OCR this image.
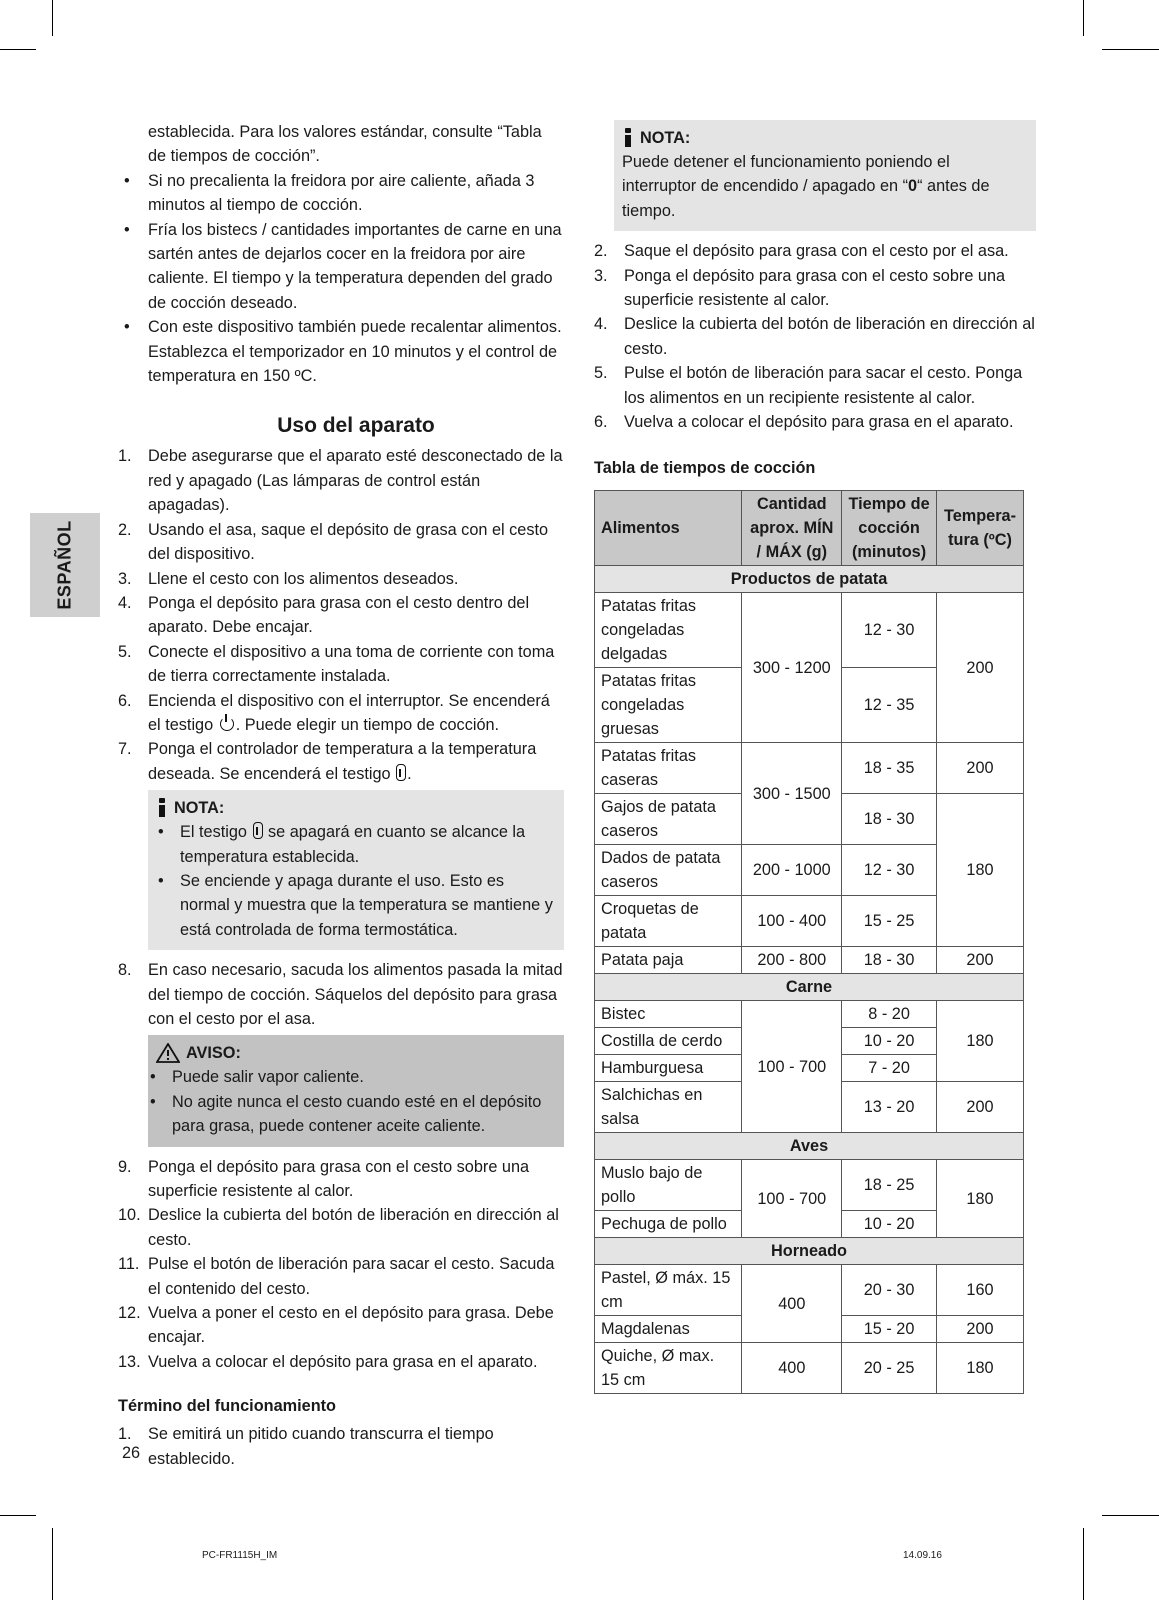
ESPAÑOL

establecida. Para los valores estándar, consulte “Tabla de tiempos de cocción”.

• Si no precalienta la freidora por aire caliente, añada 3 minutos al tiempo de cocción.
• Fría los bistecs / cantidades importantes de carne en una sartén antes de dejarlos cocer en la freidora por aire caliente. El tiempo y la temperatura dependen del grado de cocción deseado.
• Con este dispositivo también puede recalentar alimentos. Establezca el temporizador en 10 minutos y el control de temperatura en 150 ºC.
Uso del aparato
1. Debe asegurarse que el aparato esté desconectado de la red y apagado (Las lámparas de control están apagadas).
2. Usando el asa, saque el depósito de grasa con el cesto del dispositivo.
3. Llene el cesto con los alimentos deseados.
4. Ponga el depósito para grasa con el cesto dentro del aparato. Debe encajar.
5. Conecte el dispositivo a una toma de corriente con toma de tierra correctamente instalada.
6. Encienda el dispositivo con el interruptor. Se encenderá el testigo . Puede elegir un tiempo de cocción.
7. Ponga el controlador de temperatura a la temperatura deseada. Se encenderá el testigo .
NOTA:
• El testigo  se apagará en cuanto se alcance la temperatura establecida.
• Se enciende y apaga durante el uso. Esto es normal y muestra que la temperatura se mantiene y está controlada de forma termostática.
8. En caso necesario, sacuda los alimentos pasada la mitad del tiempo de cocción. Sáquelos del depósito para grasa con el cesto por el asa.
AVISO:
• Puede salir vapor caliente.
• No agite nunca el cesto cuando esté en el depósito para grasa, puede contener aceite caliente.
9. Ponga el depósito para grasa con el cesto sobre una superficie resistente al calor.
10. Deslice la cubierta del botón de liberación en dirección al cesto.
11. Pulse el botón de liberación para sacar el cesto. Sacuda el contenido del cesto.
12. Vuelva a poner el cesto en el depósito para grasa. Debe encajar.
13. Vuelva a colocar el depósito para grasa en el aparato.
Término del funcionamiento
1. Se emitirá un pitido cuando transcurra el tiempo establecido.
NOTA:

Puede detener el funcionamiento poniendo el interruptor de encendido / apagado en “0“ antes de tiempo.

2. Saque el depósito para grasa con el cesto por el asa.
3. Ponga el depósito para grasa con el cesto sobre una superficie resistente al calor.
4. Deslice la cubierta del botón de liberación en dirección al cesto.
5. Pulse el botón de liberación para sacar el cesto. Ponga los alimentos en un recipiente resistente al calor.
6. Vuelva a colocar el depósito para grasa en el aparato.
Tabla de tiempos de cocción
Alimentos	Cantidad aprox. MÍN / MÁX (g)	Tiempo de cocción (minutos)	Tempera-tura (ºC)
Productos de patata			
Patatas fritas congeladas delgadas	300 - 1200	12 - 30	200
Patatas fritas congeladas gruesas		12 - 35	
Patatas fritas caseras	300 - 1500	18 - 35	200
Gajos de patata caseros		18 - 30	180
Dados de patata caseros	200 - 1000	12 - 30	
Croquetas de patata	100 - 400	15 - 25	
Patata paja	200 - 800	18 - 30	200
Carne			
Bistec	100 - 700	8 - 20	180
Costilla de cerdo		10 - 20	
Hamburguesa		7 - 20	
Salchichas en salsa		13 - 20	200
Aves			
Muslo bajo de pollo	100 - 700	18 - 25	180
Pechuga de pollo		10 - 20	
Horneado			
Pastel, Ø máx. 15 cm	400	20 - 30	160
Magdalenas		15 - 20	200
Quiche, Ø max. 15 cm	400	20 - 25	180
26
PC-FR1115H_IM	14.09.16
